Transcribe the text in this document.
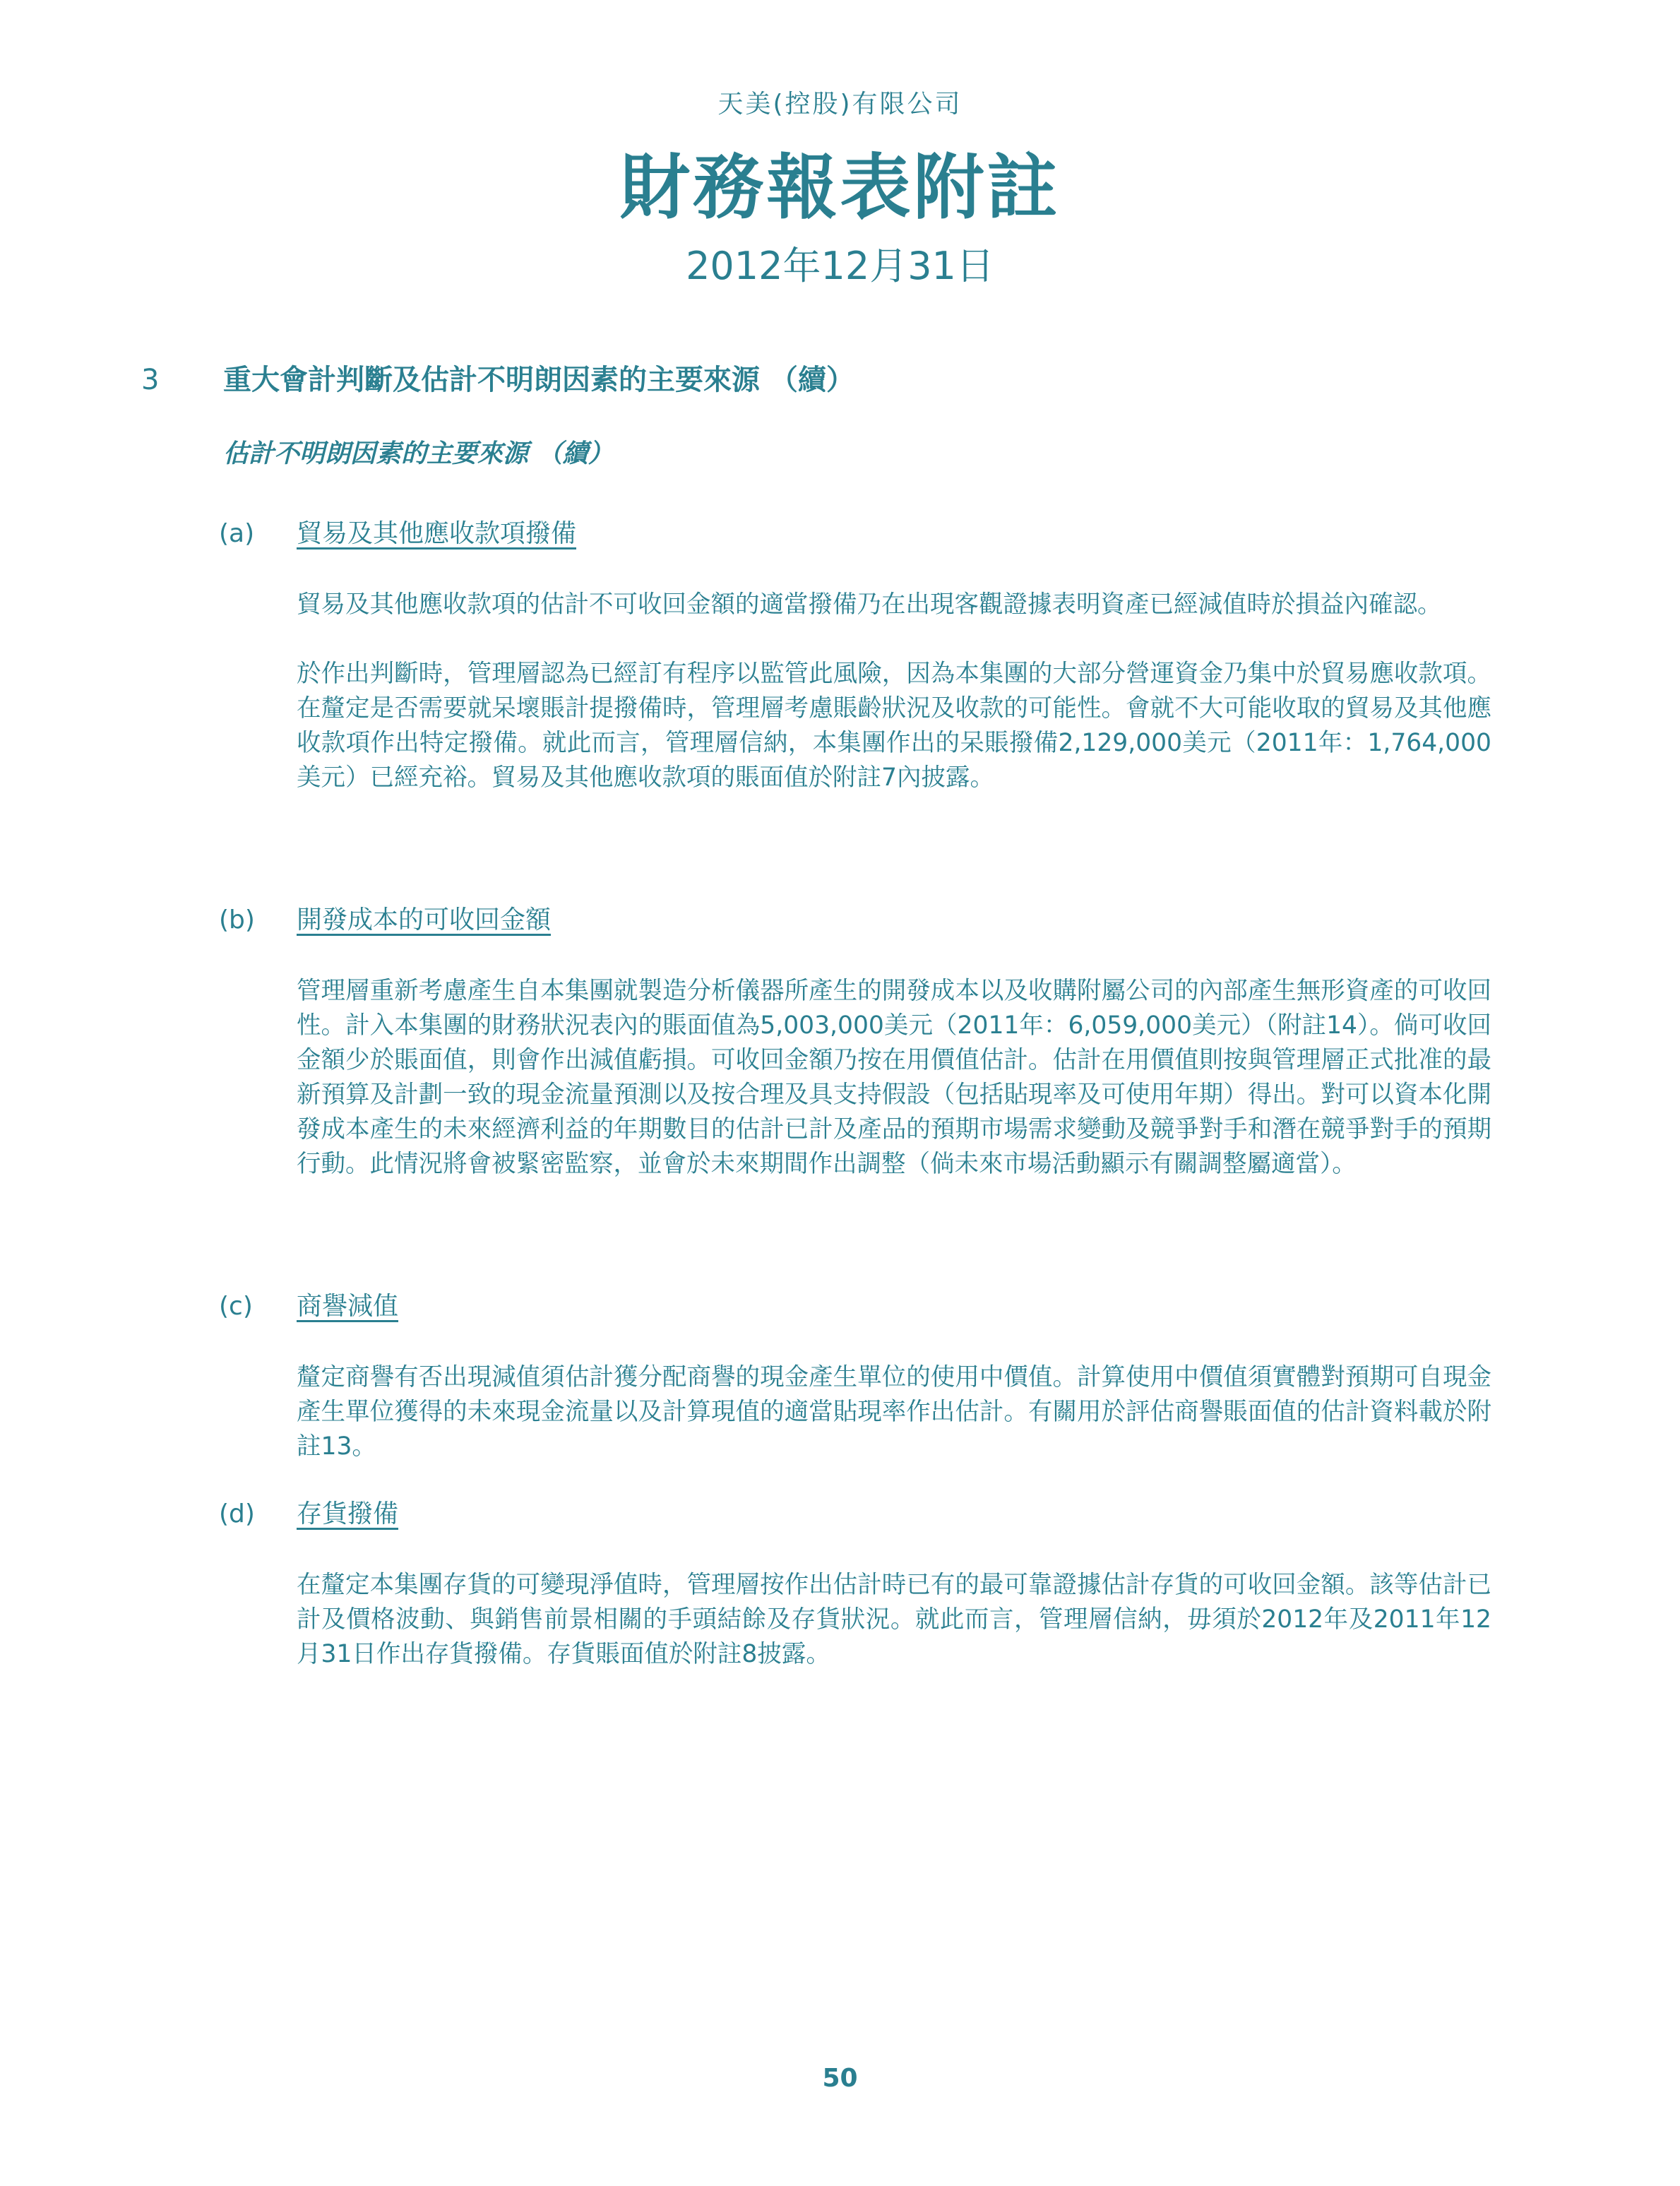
天美(控股)有限公司
財務報表附註
2012年12月31日
3	重大會計判斷及估計不明朗因素的主要來源 （續）
估計不明朗因素的主要來源 （續）
(a)	貿易及其他應收款項撥備
貿易及其他應收款項的估計不可收回金額的適當撥備乃在出現客觀證據表明資產已經減值時於損益內確認。
於作出判斷時，管理層認為已經訂有程序以監管此風險，因為本集團的大部分營運資金乃集中於貿易應收款項。在釐定是否需要就呆壞賬計提撥備時，管理層考慮賬齡狀況及收款的可能性。會就不大可能收取的貿易及其他應收款項作出特定撥備。就此而言，管理層信納，本集團作出的呆賬撥備2,129,000美元（2011年：1,764,000美元）已經充裕。貿易及其他應收款項的賬面值於附註7內披露。
(b)	開發成本的可收回金額
管理層重新考慮產生自本集團就製造分析儀器所產生的開發成本以及收購附屬公司的內部產生無形資產的可收回性。計入本集團的財務狀況表內的賬面值為5,003,000美元（2011年：6,059,000美元）（附註14）。倘可收回金額少於賬面值，則會作出減值虧損。可收回金額乃按在用價值估計。估計在用價值則按與管理層正式批准的最新預算及計劃一致的現金流量預測以及按合理及具支持假設（包括貼現率及可使用年期）得出。對可以資本化開發成本產生的未來經濟利益的年期數目的估計已計及產品的預期市場需求變動及競爭對手和潛在競爭對手的預期行動。此情況將會被緊密監察，並會於未來期間作出調整（倘未來市場活動顯示有關調整屬適當）。
(c)	商譽減值
釐定商譽有否出現減值須估計獲分配商譽的現金產生單位的使用中價值。計算使用中價值須實體對預期可自現金產生單位獲得的未來現金流量以及計算現值的適當貼現率作出估計。有關用於評估商譽賬面值的估計資料載於附註13。
(d)	存貨撥備
在釐定本集團存貨的可變現淨值時，管理層按作出估計時已有的最可靠證據估計存貨的可收回金額。該等估計已計及價格波動、與銷售前景相關的手頭結餘及存貨狀況。就此而言，管理層信納，毋須於2012年及2011年12月31日作出存貨撥備。存貨賬面值於附註8披露。
50
